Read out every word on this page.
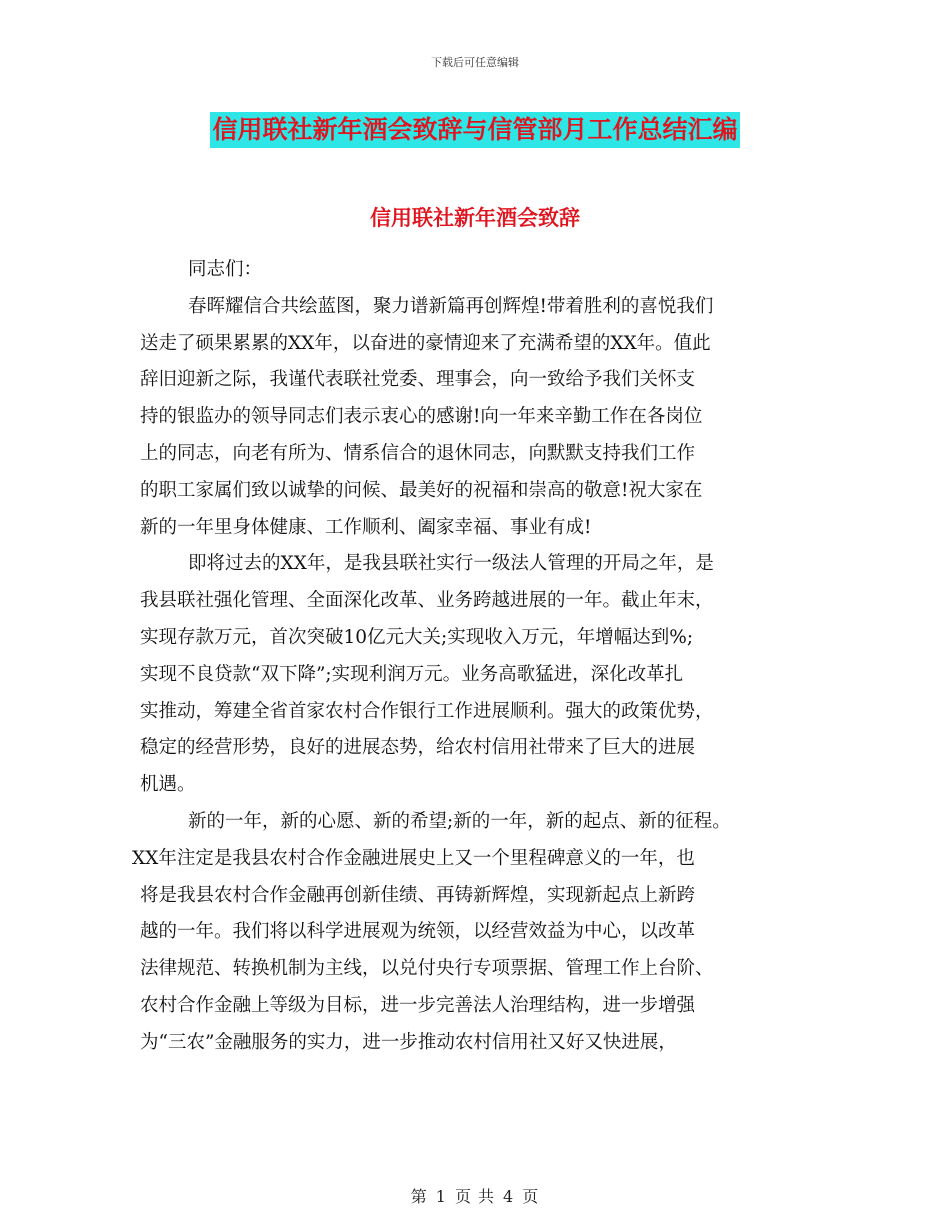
下载后可任意编辑
信用联社新年酒会致辞与信管部月工作总结汇编
信用联社新年酒会致辞
同志们：
春晖耀信合共绘蓝图，聚力谱新篇再创辉煌!带着胜利的喜悦我们
送走了硕果累累的XX年，以奋进的豪情迎来了充满希望的XX年。值此
辞旧迎新之际，我谨代表联社党委、理事会，向一致给予我们关怀支
持的银监办的领导同志们表示衷心的感谢!向一年来辛勤工作在各岗位
上的同志，向老有所为、情系信合的退休同志，向默默支持我们工作
的职工家属们致以诚挚的问候、最美好的祝福和崇高的敬意!祝大家在
新的一年里身体健康、工作顺利、阖家幸福、事业有成!
即将过去的XX年，是我县联社实行一级法人管理的开局之年，是
我县联社强化管理、全面深化改革、业务跨越进展的一年。截止年末，
实现存款万元，首次突破10亿元大关;实现收入万元，年增幅达到%;
实现不良贷款“双下降”;实现利润万元。业务高歌猛进，深化改革扎
实推动，筹建全省首家农村合作银行工作进展顺利。强大的政策优势，
稳定的经营形势，良好的进展态势，给农村信用社带来了巨大的进展
机遇。
新的一年，新的心愿、新的希望;新的一年，新的起点、新的征程。
XX年注定是我县农村合作金融进展史上又一个里程碑意义的一年，也
将是我县农村合作金融再创新佳绩、再铸新辉煌，实现新起点上新跨
越的一年。我们将以科学进展观为统领，以经营效益为中心，以改革
法律规范、转换机制为主线，以兑付央行专项票据、管理工作上台阶、
农村合作金融上等级为目标，进一步完善法人治理结构，进一步增强
为“三农”金融服务的实力，进一步推动农村信用社又好又快进展，
第 1 页 共 4 页
